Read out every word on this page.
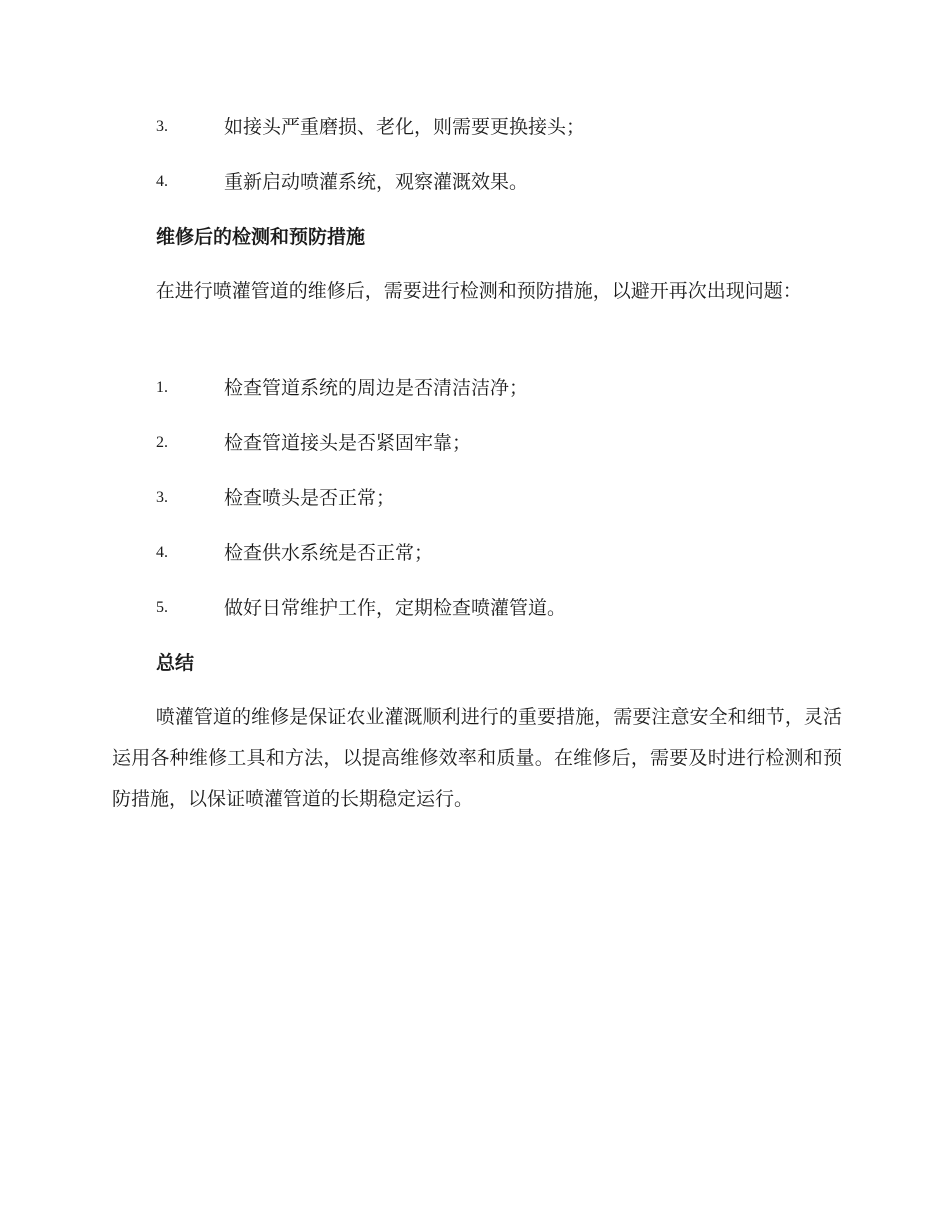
3.	如接头严重磨损、老化，则需要更换接头；
4.	重新启动喷灌系统，观察灌溉效果。
维修后的检测和预防措施

在进行喷灌管道的维修后，需要进行检测和预防措施，以避开再次出现问题：

1.	检查管道系统的周边是否清洁洁净；
2.	检查管道接头是否紧固牢靠；
3.	检查喷头是否正常；
4.	检查供水系统是否正常；
5.	做好日常维护工作，定期检查喷灌管道。
总结

喷灌管道的维修是保证农业灌溉顺利进行的重要措施，需要注意安全和细节，灵活运用各种维修工具和方法，以提高维修效率和质量。在维修后，需要及时进行检测和预防措施，以保证喷灌管道的长期稳定运行。
